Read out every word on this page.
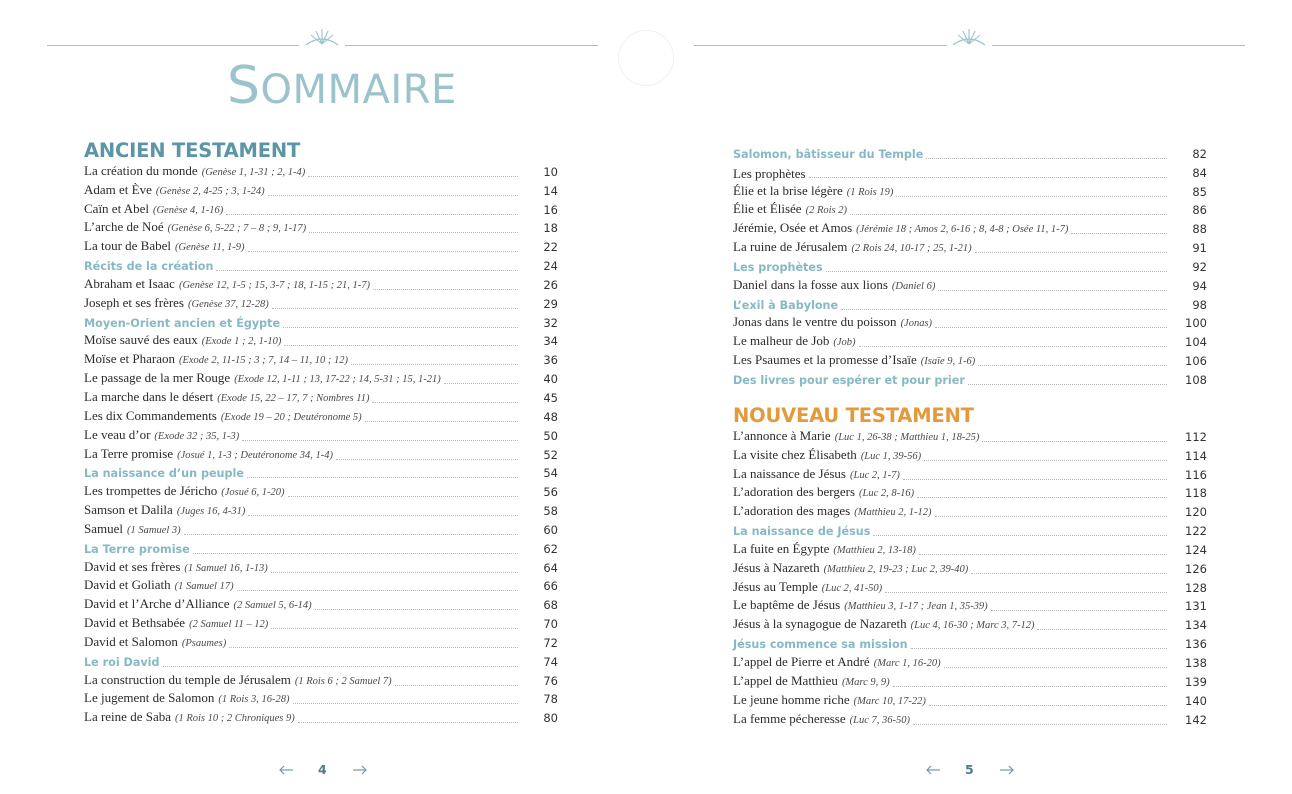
SOMMAIRE
ANCIEN TESTAMENT
La création du monde (Genèse 1, 1-31 ; 2, 1-4)	10
Adam et Ève (Genèse 2, 4-25 ; 3, 1-24)	14
Caïn et Abel (Genèse 4, 1-16)	16
L’arche de Noé (Genèse 6, 5-22 ; 7 – 8 ; 9, 1-17)	18
La tour de Babel (Genèse 11, 1-9)	22
Récits de la création	24
Abraham et Isaac (Genèse 12, 1-5 ; 15, 3-7 ; 18, 1-15 ; 21, 1-7)	26
Joseph et ses frères (Genèse 37, 12-28)	29
Moyen-Orient ancien et Égypte	32
Moïse sauvé des eaux (Exode 1 ; 2, 1-10)	34
Moïse et Pharaon (Exode 2, 11-15 ; 3 ; 7, 14 – 11, 10 ; 12)	36
Le passage de la mer Rouge (Exode 12, 1-11 ; 13, 17-22 ; 14, 5-31 ; 15, 1-21)	40
La marche dans le désert (Exode 15, 22 – 17, 7 ; Nombres 11)	45
Les dix Commandements (Exode 19 – 20 ; Deutéronome 5)	48
Le veau d’or (Exode 32 ; 35, 1-3)	50
La Terre promise (Josué 1, 1-3 ; Deutéronome 34, 1-4)	52
La naissance d’un peuple	54
Les trompettes de Jéricho (Josué 6, 1-20)	56
Samson et Dalila (Juges 16, 4-31)	58
Samuel (1 Samuel 3)	60
La Terre promise	62
David et ses frères (1 Samuel 16, 1-13)	64
David et Goliath (1 Samuel 17)	66
David et l’Arche d’Alliance (2 Samuel 5, 6-14)	68
David et Bethsabée (2 Samuel 11 – 12)	70
David et Salomon (Psaumes)	72
Le roi David	74
La construction du temple de Jérusalem (1 Rois 6 ; 2 Samuel 7)	76
Le jugement de Salomon (1 Rois 3, 16-28)	78
La reine de Saba (1 Rois 10 ; 2 Chroniques 9)	80
Salomon, bâtisseur du Temple	82
Les prophètes	84
Élie et la brise légère (1 Rois 19)	85
Élie et Élisée (2 Rois 2)	86
Jérémie, Osée et Amos (Jérémie 18 ; Amos 2, 6-16 ; 8, 4-8 ; Osée 11, 1-7)	88
La ruine de Jérusalem (2 Rois 24, 10-17 ; 25, 1-21)	91
Les prophètes	92
Daniel dans la fosse aux lions (Daniel 6)	94
L’exil à Babylone	98
Jonas dans le ventre du poisson (Jonas)	100
Le malheur de Job (Job)	104
Les Psaumes et la promesse d’Isaïe (Isaïe 9, 1-6)	106
Des livres pour espérer et pour prier	108
NOUVEAU TESTAMENT
L’annonce à Marie (Luc 1, 26-38 ; Matthieu 1, 18-25)	112
La visite chez Élisabeth (Luc 1, 39-56)	114
La naissance de Jésus (Luc 2, 1-7)	116
L’adoration des bergers (Luc 2, 8-16)	118
L’adoration des mages (Matthieu 2, 1-12)	120
La naissance de Jésus	122
La fuite en Égypte (Matthieu 2, 13-18)	124
Jésus à Nazareth (Matthieu 2, 19-23 ; Luc 2, 39-40)	126
Jésus au Temple (Luc 2, 41-50)	128
Le baptême de Jésus (Matthieu 3, 1-17 ; Jean 1, 35-39)	131
Jésus à la synagogue de Nazareth (Luc 4, 16-30 ; Marc 3, 7-12)	134
Jésus commence sa mission	136
L’appel de Pierre et André (Marc 1, 16-20)	138
L’appel de Matthieu (Marc 9, 9)	139
Le jeune homme riche (Marc 10, 17-22)	140
La femme pécheresse (Luc 7, 36-50)	142
4	5
